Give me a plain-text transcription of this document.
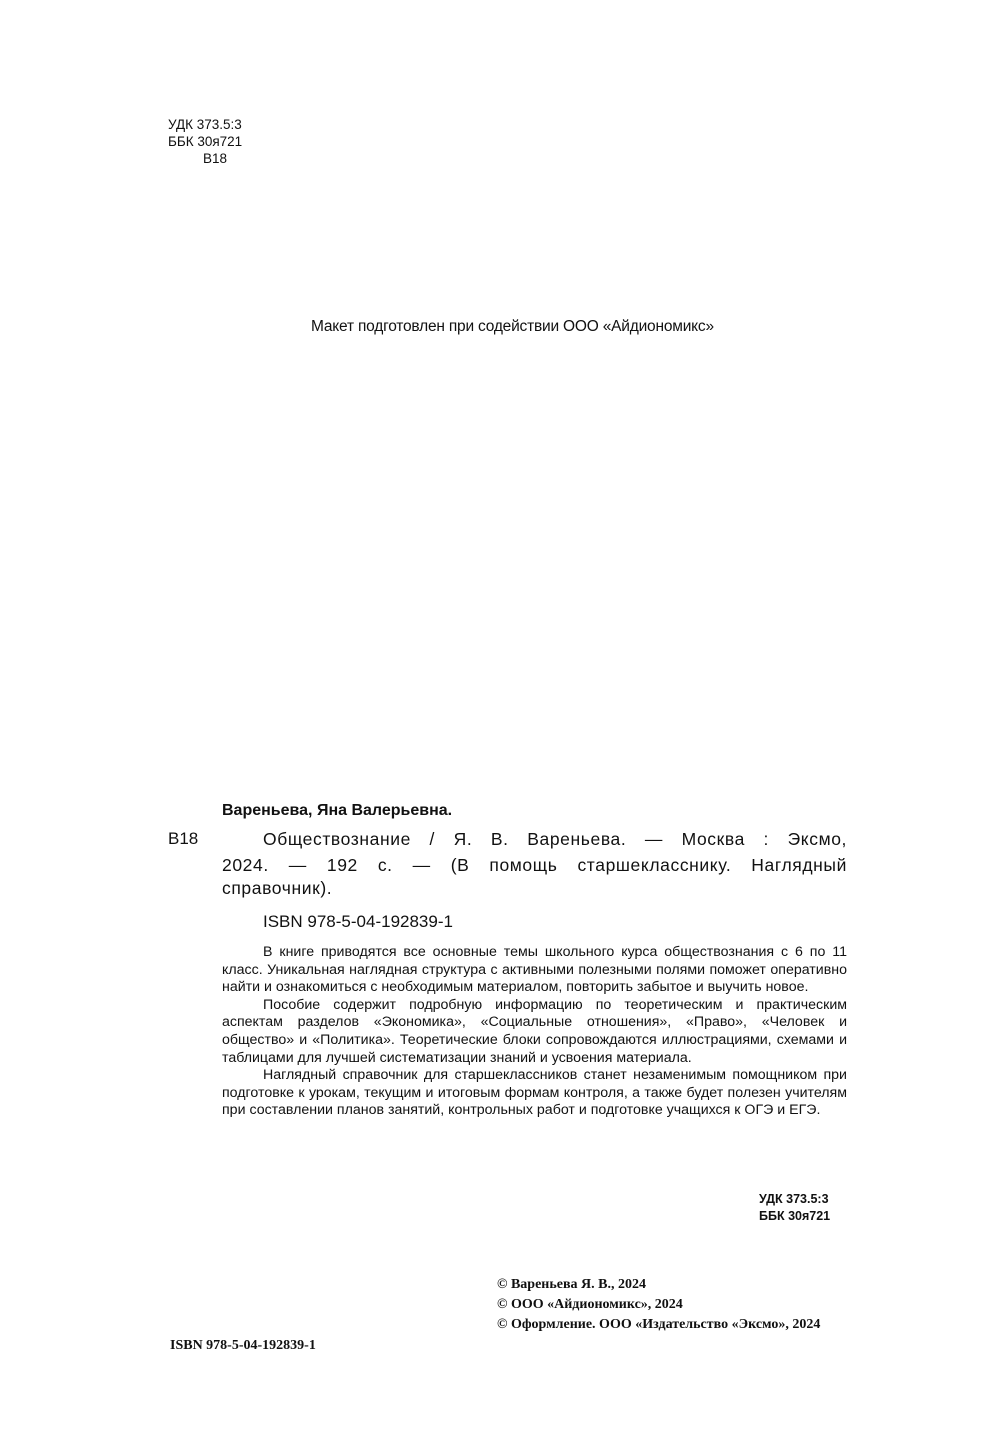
УДК 373.5:3
ББК 30я721
В18
Макет подготовлен при содействии ООО «Айдиономикс»
Вареньева, Яна Валерьевна.
В18	Обществознание / Я. В. Вареньева. — Москва : Эксмо,
2024. — 192 с. — (В помощь старшекласснику. Наглядный
справочник).
ISBN 978-5-04-192839-1

В книге приводятся все основные темы школьного курса обществознания с 6 по 11 класс. Уникальная наглядная структура с активными полезными полями поможет оперативно найти и ознакомиться с необходимым материалом, повторить забытое и выучить новое.

Пособие содержит подробную информацию по теоретическим и практическим аспектам разделов «Экономика», «Социальные отношения», «Право», «Человек и общество» и «Политика». Теоретические блоки сопровождаются иллюстрациями, схемами и таблицами для лучшей систематизации знаний и усвоения материала.

Наглядный справочник для старшеклассников станет незаменимым помощником при подготовке к урокам, текущим и итоговым формам контроля, а также будет полезен учителям при составлении планов занятий, контрольных работ и подготовке учащихся к ОГЭ и ЕГЭ.

УДК 373.5:3
ББК 30я721
ISBN 978-5-04-192839-1
© Вареньева Я. В., 2024
© ООО «Айдиономикс», 2024
© Оформление. ООО «Издательство «Эксмо», 2024
